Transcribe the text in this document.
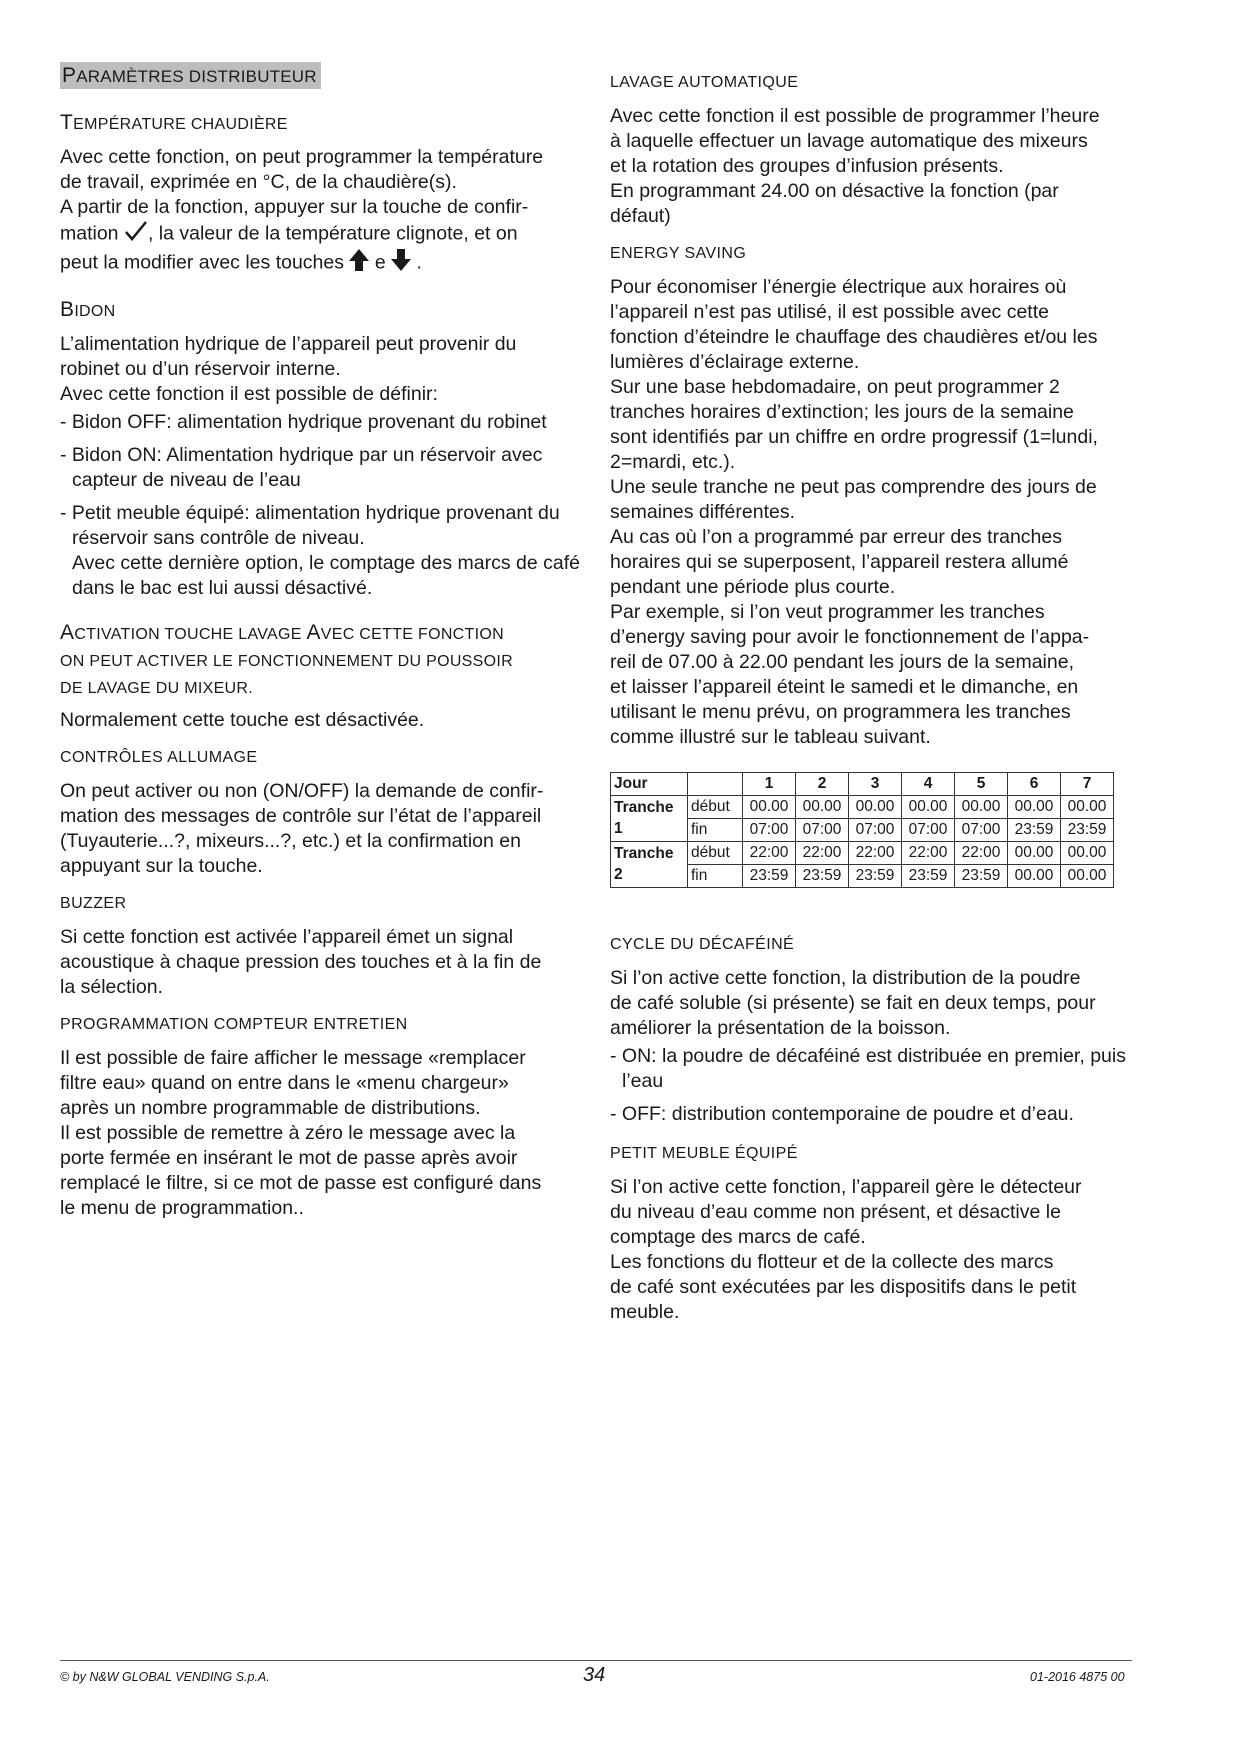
PARAMÈTRES DISTRIBUTEUR
TEMPÉRATURE CHAUDIÈRE

Avec cette fonction, on peut programmer la température

de travail, exprimée en °C, de la chaudière(s).

A partir de la fonction, appuyer sur la touche de confir-

mation , la valeur de la température clignote, et on

peut la modifier avec les touches e .

BIDON

L’alimentation hydrique de l’appareil peut provenir du

robinet ou d’un réservoir interne.

Avec cette fonction il est possible de définir:

- Bidon OFF: alimentation hydrique provenant du robinet

- Bidon ON: Alimentation hydrique par un réservoir avec capteur de niveau de l’eau

- Petit meuble équipé: alimentation hydrique provenant du réservoir sans contrôle de niveau.

Avec cette dernière option, le comptage des marcs de café dans le bac est lui aussi désactivé.

ACTIVATION TOUCHE LAVAGE AVEC CETTE FONCTION
ON PEUT ACTIVER LE FONCTIONNEMENT DU POUSSOIR
DE LAVAGE DU MIXEUR.

Normalement cette touche est désactivée.

CONTRÔLES ALLUMAGE

On peut activer ou non (ON/OFF) la demande de confir-

mation des messages de contrôle sur l’état de l’appareil

(Tuyauterie...?, mixeurs...?, etc.) et la confirmation en

appuyant sur la touche.

BUZZER

Si cette fonction est activée l’appareil émet un signal

acoustique à chaque pression des touches et à la fin de

la sélection.

PROGRAMMATION COMPTEUR ENTRETIEN

Il est possible de faire afficher le message «remplacer

filtre eau» quand on entre dans le «menu chargeur»

après un nombre programmable de distributions.

Il est possible de remettre à zéro le message avec la

porte fermée en insérant le mot de passe après avoir

remplacé le filtre, si ce mot de passe est configuré dans

le menu de programmation..

LAVAGE AUTOMATIQUE

Avec cette fonction il est possible de programmer l’heure

à laquelle effectuer un lavage automatique des mixeurs

et la rotation des groupes d’infusion présents.

En programmant 24.00 on désactive la fonction (par

défaut)

ENERGY SAVING

Pour économiser l’énergie électrique aux horaires où

l’appareil n’est pas utilisé, il est possible avec cette

fonction d’éteindre le chauffage des chaudières et/ou les

lumières d’éclairage externe.

Sur une base hebdomadaire, on peut programmer 2

tranches horaires d’extinction; les jours de la semaine

sont identifiés par un chiffre en ordre progressif (1=lundi,

2=mardi, etc.).

Une seule tranche ne peut pas comprendre des jours de

semaines différentes.

Au cas où l’on a programmé par erreur des tranches

horaires qui se superposent, l’appareil restera allumé

pendant une période plus courte.

Par exemple, si l’on veut programmer les tranches

d’energy saving pour avoir le fonctionnement de l’appa-

reil de 07.00 à 22.00 pendant les jours de la semaine,

et laisser l’appareil éteint le samedi et le dimanche, en

utilisant le menu prévu, on programmera les tranches

comme illustré sur le tableau suivant.

Jour		1	2	3	4	5	6	7
Tranche
1	début	00.00	00.00	00.00	00.00	00.00	00.00	00.00
	fin	07:00	07:00	07:00	07:00	07:00	23:59	23:59
Tranche
2	début	22:00	22:00	22:00	22:00	22:00	00.00	00.00
	fin	23:59	23:59	23:59	23:59	23:59	00.00	00.00
CYCLE DU DÉCAFÉINÉ

Si l’on active cette fonction, la distribution de la poudre

de café soluble (si présente) se fait en deux temps, pour

améliorer la présentation de la boisson.

- ON: la poudre de décaféiné est distribuée en premier, puis l’eau

- OFF: distribution contemporaine de poudre et d’eau.

PETIT MEUBLE ÉQUIPÉ

Si l’on active cette fonction, l’appareil gère le détecteur

du niveau d’eau comme non présent, et désactive le

comptage des marcs de café.

Les fonctions du flotteur et de la collecte des marcs

de café sont exécutées par les dispositifs dans le petit

meuble.

© by N&W GLOBAL VENDING S.p.A.	34	01-2016 4875 00
